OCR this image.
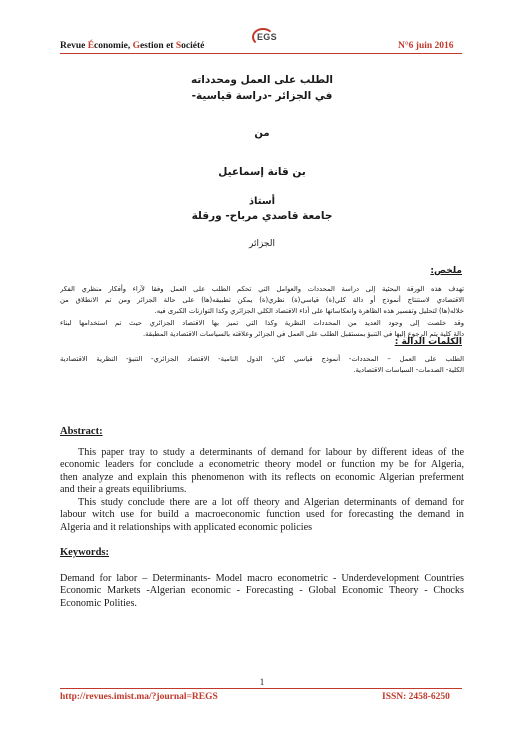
Revue Économie, Gestion et Société
EGS
N°6 juin 2016
الطلب على العمل ومحدداته
في الجزائر -دراسة قياسية-
من
بن قانة إسماعيل
أستاذ
جامعة قاصدي مرباح- ورقلة
الجزائر
ملخص:
تهدف هذه الورقة البحثية إلى دراسة المحددات والعوامل التي تحكم الطلب على العمل وفقا لآراء وأفكار منظري الفكر
الاقتصادي لاستنتاج أنموذج أو دالة كلي(ة) قياسي(ة) نظري(ة) يمكن تطبيقه(ها) على حالة الجزائر ومن تم الانطلاق من
خلاله(ها) لتحليل وتفسير هذه الظاهرة وانعكاساتها على أداء الاقتصاد الكلي الجزائري وكذا التوازنات الكبرى فيه.
وقد خلصت إلى وجود العديد من المحددات النظرية وكذا التي تميز بها الاقتصاد الجزائري حيث تم استخدامها لبناء
دالة كلية يتم الرجوع إليها في التنبؤ بمستقبل الطلب على العمل في الجزائر وعلاقته بالسياسات الاقتصادية المطبقة.
الكلمات الدالة :
الطلب على العمل – المحددات- أنموذج قياسي كلي- الدول النامية- الاقتصاد الجزائري- التنبؤ- النظرية الاقتصادية
الكلية- الصدمات- السياسات الاقتصادية.
Abstract:
This paper tray to study a determinants of demand for labour by different ideas of the
economic leaders for conclude a econometric theory model or function my be for Algeria,
then analyze and explain this phenomenon with its reflects on economic Algerian preferment
and their a greats equilibriums.
This study conclude there are a lot off theory and Algerian determinants of demand for
labour witch use for build a macroeconomic function used for forecasting the demand in
Algeria and it relationships with applicated economic policies
Keywords:
Demand for labor – Determinants- Model macro econometric - Underdevelopment Countries
Economic Markets -Algerian economic - Forecasting - Global Economic Theory - Chocks
Economic Polities.
1
http://revues.imist.ma/?journal=REGS	ISSN: 2458-6250
